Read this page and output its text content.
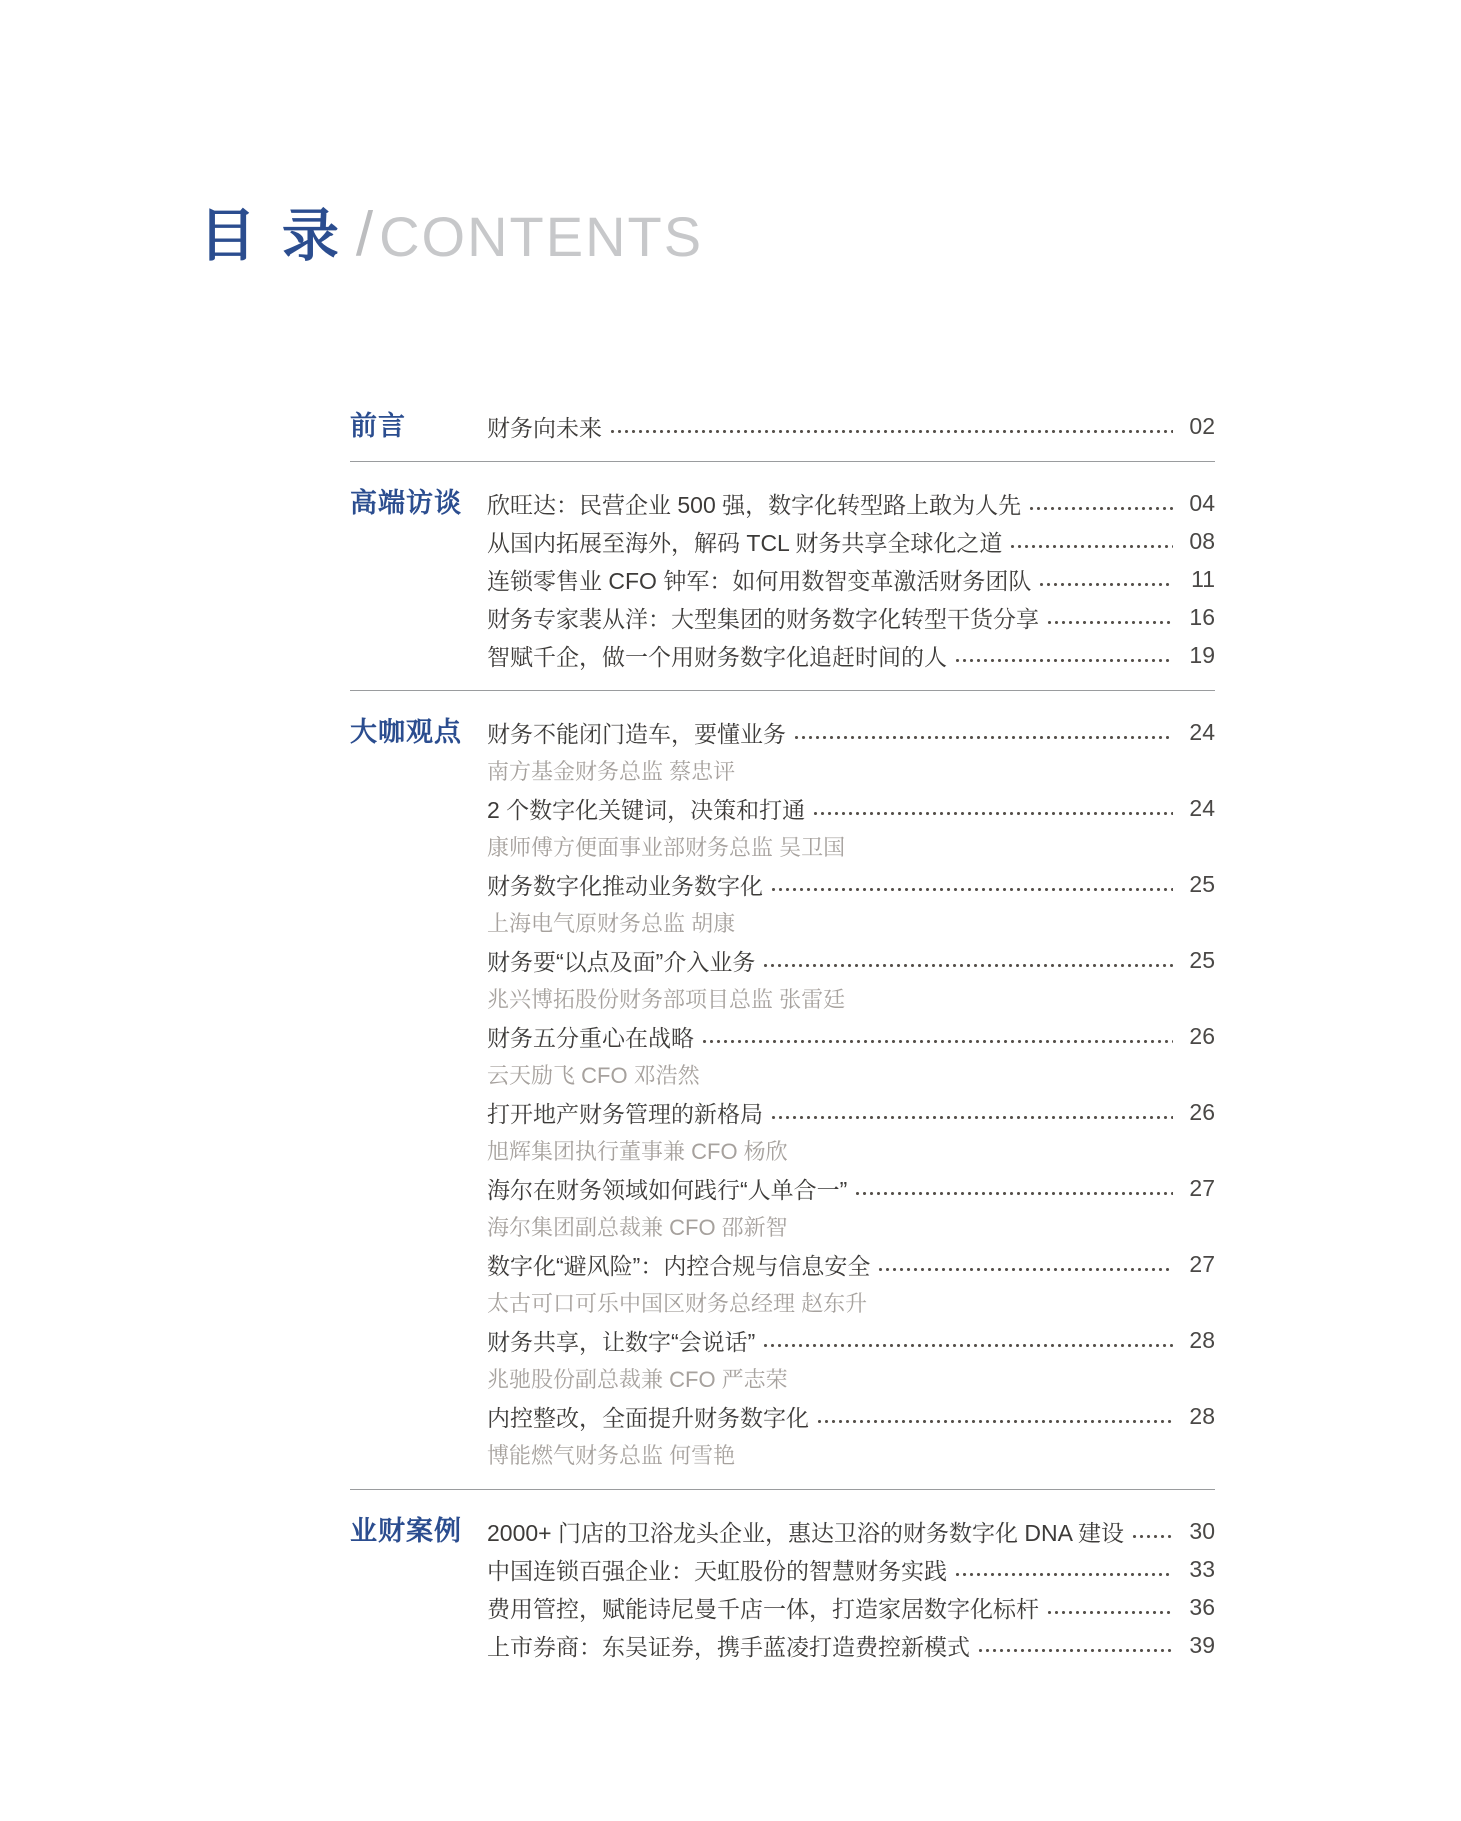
目 录 / CONTENTS
前言	财务向未来	02
高端访谈	欣旺达：民营企业 500 强，数字化转型路上敢为人先	04
从国内拓展至海外，解码 TCL 财务共享全球化之道	08
连锁零售业 CFO 钟军：如何用数智变革激活财务团队	11
财务专家裴从洋：大型集团的财务数字化转型干货分享	16
智赋千企，做一个用财务数字化追赶时间的人	19
大咖观点	财务不能闭门造车，要懂业务	24
南方基金财务总监 蔡忠评
2 个数字化关键词，决策和打通	24
康师傅方便面事业部财务总监 吴卫国
财务数字化推动业务数字化	25
上海电气原财务总监 胡康
财务要“以点及面”介入业务	25
兆兴博拓股份财务部项目总监 张雷廷
财务五分重心在战略	26
云天励飞 CFO 邓浩然
打开地产财务管理的新格局	26
旭辉集团执行董事兼 CFO 杨欣
海尔在财务领域如何践行“人单合一”	27
海尔集团副总裁兼 CFO 邵新智
数字化“避风险”：内控合规与信息安全	27
太古可口可乐中国区财务总经理 赵东升
财务共享，让数字“会说话”	28
兆驰股份副总裁兼 CFO 严志荣
内控整改，全面提升财务数字化	28
博能燃气财务总监 何雪艳
业财案例	2000+ 门店的卫浴龙头企业，惠达卫浴的财务数字化 DNA 建设	30
中国连锁百强企业：天虹股份的智慧财务实践	33
费用管控，赋能诗尼曼千店一体，打造家居数字化标杆	36
上市券商：东吴证券，携手蓝凌打造费控新模式	39
